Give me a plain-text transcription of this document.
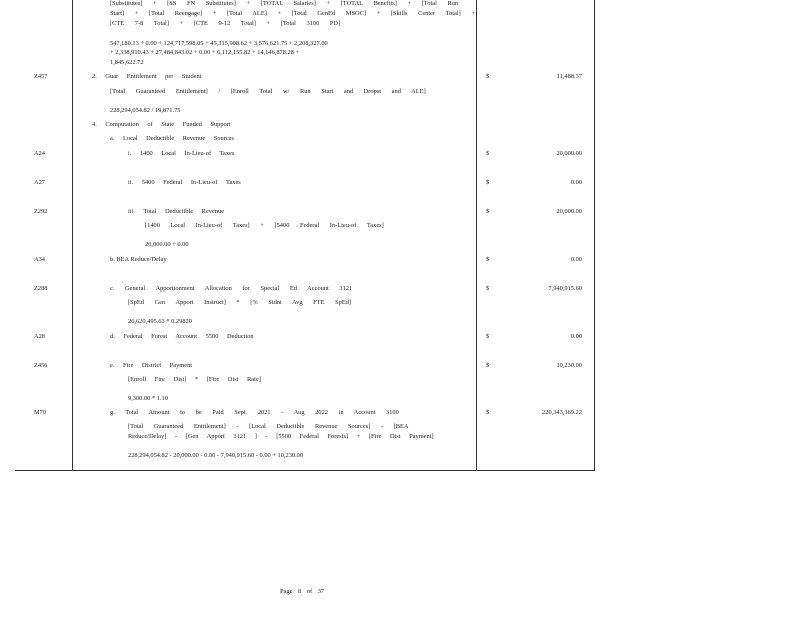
[Substitutes] + [SS FN Substitutes] + [TOTAL Salaries] + [TOTAL Benefits] + [Total Run
Start] + [Total Reengage] + [Total ALE] + [Total GenEd MSOC] + [Skills Center Total] +
[CTE 7-8 Total] + [CTE 9-12 Total] + [Total 3100 PD]
547,180.13 + 0.00 + 124,717,598.05 + 45,315,908.62 + 3,576,621.75 + 2,208,327.00
+ 2,338,910.43 + 27,484,843.02 + 0.00 + 6,112,155.82 + 14,146,878.28 +
1,845,622.72
Z457	2. Guar Entitlement per Student	$	11,488.37
[Total Guaranteed Entitlement] / [Enroll Total w/ Run Start and Dropst and ALE]
228,294,054.82 / 19,871.75
4. Computation of State Funded Support
a. Local Deductible Revenue Sources
A24	i. 1400 Local In-Lieu-of Taxes	$	20,000.00
A27	ii. 5400 Federal In-Lieu-of Taxes	$	0.00
Z292	iii. Total Deductible Revenue	$	20,000.00
[1400 Local In-Lieu-of Taxes] + [5400 Federal In-Lieu-of Taxes]
20,000.00 + 0.00
A34	b. BEA Reduce/Delay	$	0.00
Z288	c. General Apportionment Allocation for Special Ed Account 3121	$	7,940,915.60
[SpEd Gen Apport Instruct] * [% Stdnt Avg FTE SpEd]
26,620,495.63 * 0.29820
A28	d. Federal Forest Account 5500 Deduction	$	0.00
Z456	e. Fire District Payment	$	10,230.00
[Enroll Fire Dist] * [Fire Dist Rate]
9,300.00 * 1.10
M70	g. Total Amount to be Paid Sept. 2021 - Aug 2022 in Account 3100	$	220,343,369.22
[Total Guaranteed Entitlement] - [Local Deductible Revenue Sources] - [BEA
Reduce/Delay] - [Gen Apport 3121 ] - [5500 Federal Forests] + [Fire Dist Payment]
228,294,054.82 - 20,000.00 - 0.00 - 7,940,915.60 - 0.00 + 10,230.00
Page 8 of 37
